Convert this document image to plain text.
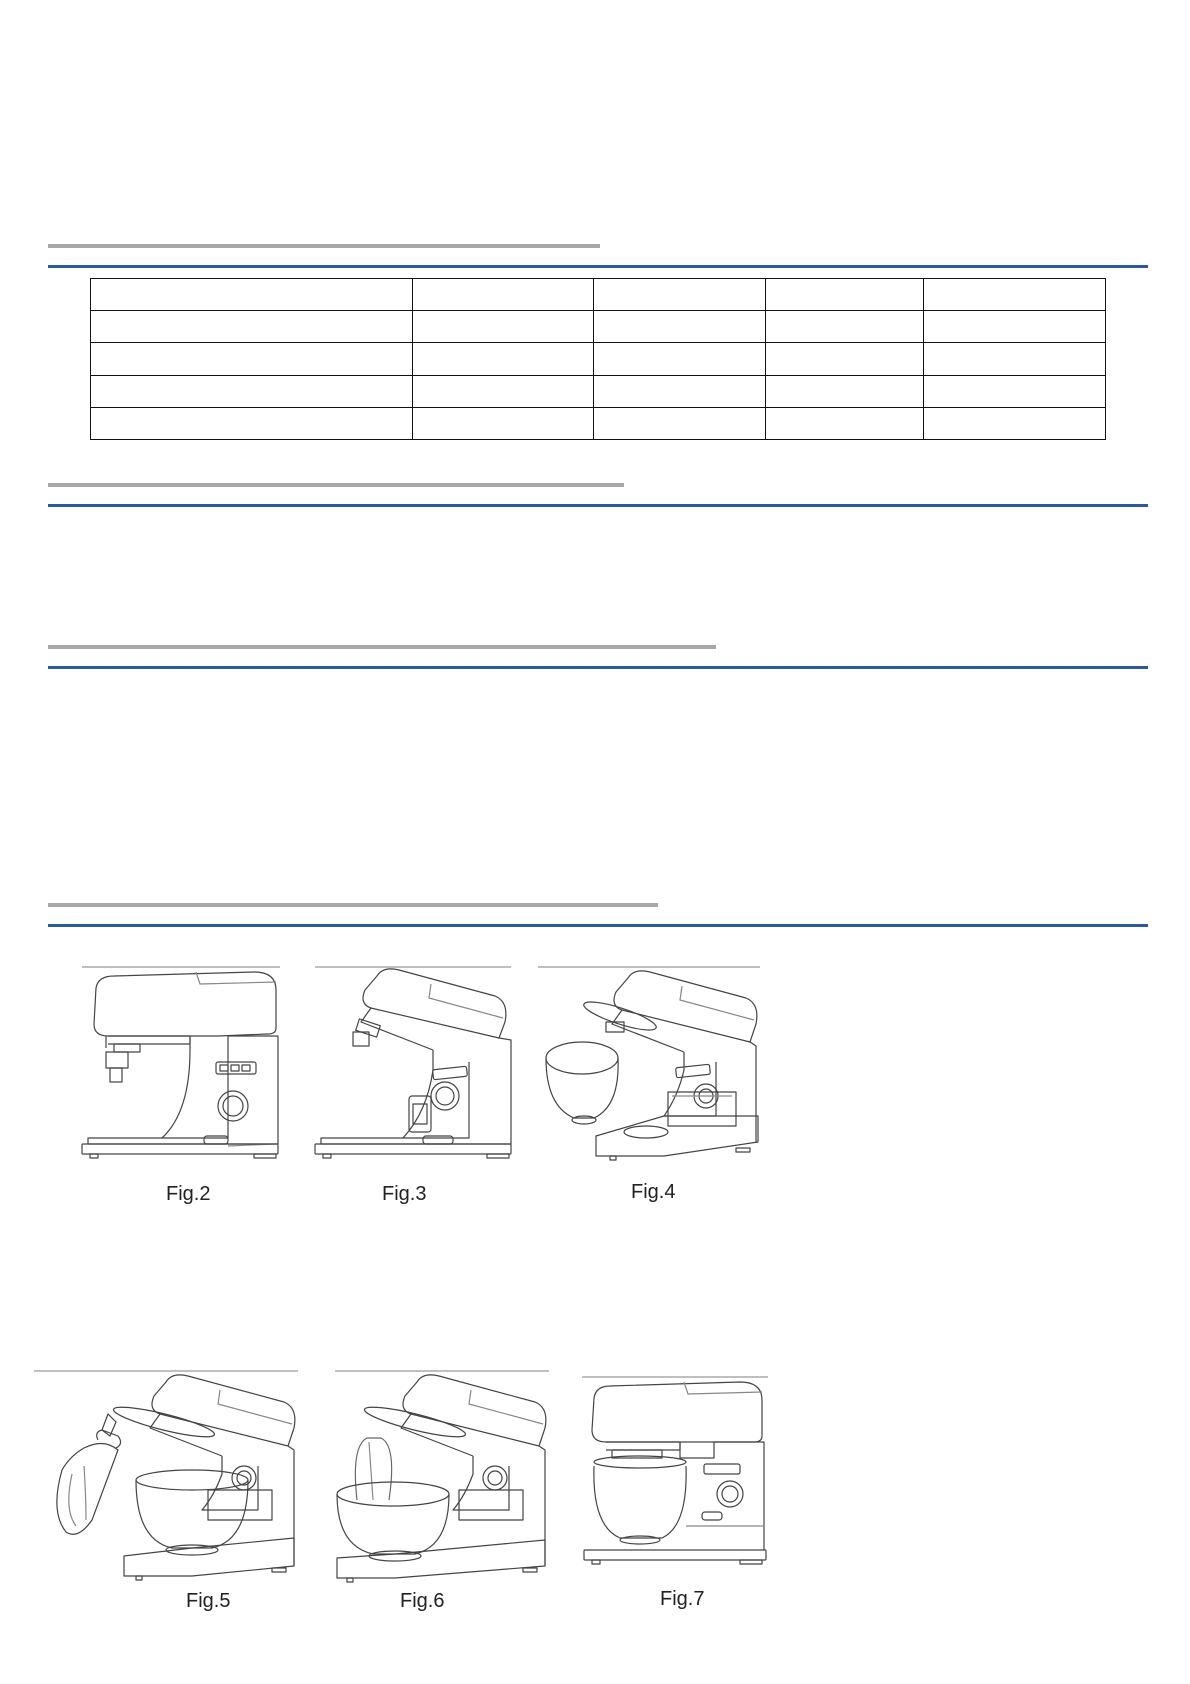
Fig.2	Fig.3	Fig.4
Fig.5	Fig.6	Fig.7
